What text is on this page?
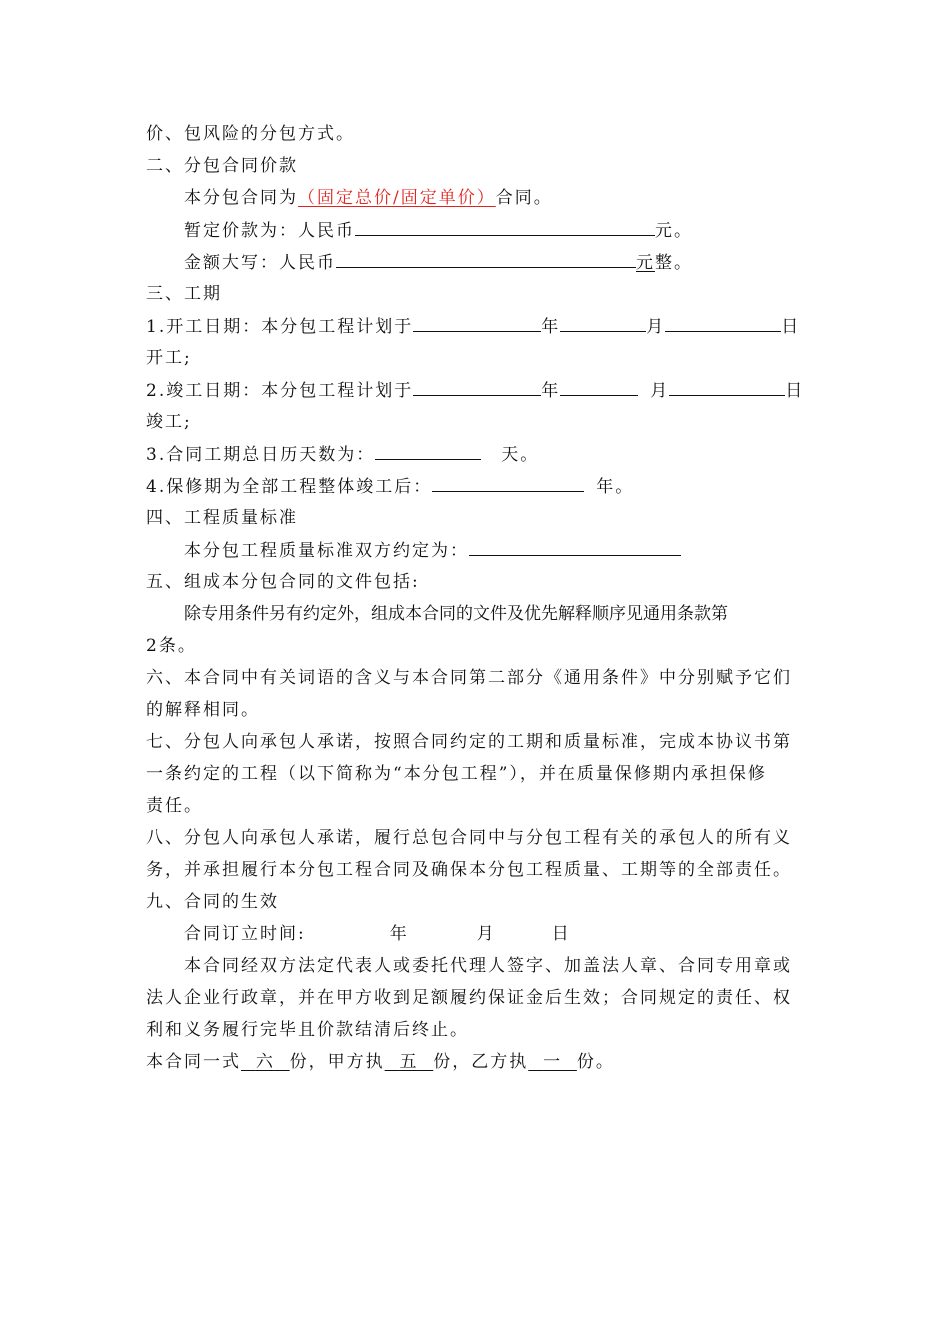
价、包风险的分包方式。
二、分包合同价款
本分包合同为（固定总价/固定单价）合同。
暂定价款为：人民币	元。
金额大写：人民币	元整。
三、工期
1.开工日期：本分包工程计划于	年	月	日
开工;
2.竣工日期：本分包工程计划于	年	月	日
竣工;
3.合同工期总日历天数为：	天。
4.保修期为全部工程整体竣工后：	年。
四、工程质量标准
本分包工程质量标准双方约定为：
五、组成本分包合同的文件包括:
除专用条件另有约定外，组成本合同的文件及优先解释顺序见通用条款第
2条。
六、本合同中有关词语的含义与本合同第二部分《通用条件》中分别赋予它们
的解释相同。
七、分包人向承包人承诺，按照合同约定的工期和质量标准，完成本协议书第
一条约定的工程（以下简称为“本分包工程”），并在质量保修期内承担保修
责任。
八、分包人向承包人承诺，履行总包合同中与分包工程有关的承包人的所有义
务，并承担履行本分包工程合同及确保本分包工程质量、工期等的全部责任。
九、合同的生效
合同订立时间:	年	月	日
本合同经双方法定代表人或委托代理人签字、加盖法人章、合同专用章或
法人企业行政章，并在甲方收到足额履约保证金后生效；合同规定的责任、权
利和义务履行完毕且价款结清后终止。
本合同一式 六 份，甲方执 五 份，乙方执 一 份。
